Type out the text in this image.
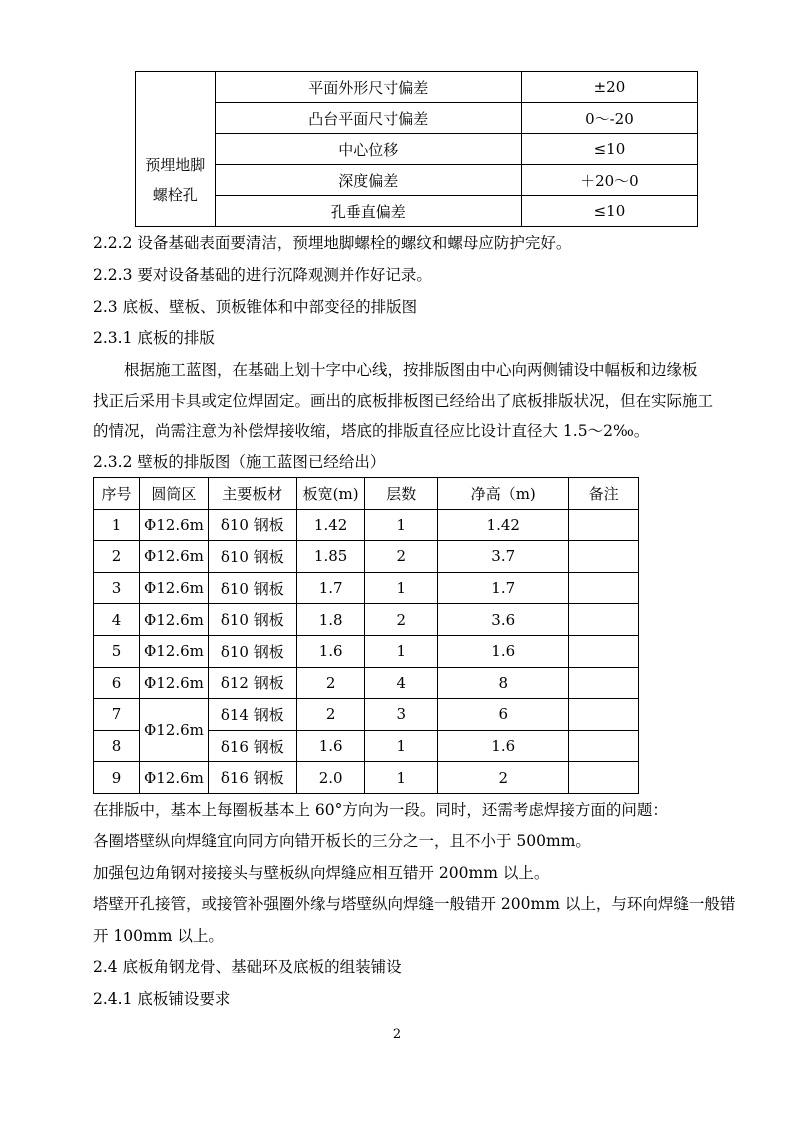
	平面外形尺寸偏差	±20
	凸台平面尺寸偏差	0～-20

预埋地脚
螺栓孔	中心位移	≤10
	深度偏差	＋20～0
	孔垂直偏差	≤10
2.2.2 设备基础表面要清洁，预埋地脚螺栓的螺纹和螺母应防护完好。
2.2.3 要对设备基础的进行沉降观测并作好记录。
2.3 底板、壁板、顶板锥体和中部变径的排版图
2.3.1 底板的排版
根据施工蓝图，在基础上划十字中心线，按排版图由中心向两侧铺设中幅板和边缘板
找正后采用卡具或定位焊固定。画出的底板排板图已经给出了底板排版状况，但在实际施工
的情况，尚需注意为补偿焊接收缩，塔底的排版直径应比设计直径大 1.5～2‰。
2.3.2 壁板的排版图（施工蓝图已经给出）
序号	圆筒区	主要板材	板宽(m)	层数	净高（m)	备注
1	Φ12.6m	δ10 钢板	1.42	1	1.42	
2	Φ12.6m	δ10 钢板	1.85	2	3.7	
3	Φ12.6m	δ10 钢板	1.7	1	1.7	
4	Φ12.6m	δ10 钢板	1.8	2	3.6	
5	Φ12.6m	δ10 钢板	1.6	1	1.6	
6	Φ12.6m	δ12 钢板	2	4	8	
7	Φ12.6m	δ14 钢板	2	3	6	
8		δ16 钢板	1.6	1	1.6	
9	Φ12.6m	δ16 钢板	2.0	1	2	
在排版中，基本上每圈板基本上 60°方向为一段。同时，还需考虑焊接方面的问题：
各圈塔壁纵向焊缝宜向同方向错开板长的三分之一，且不小于 500mm。
加强包边角钢对接接头与壁板纵向焊缝应相互错开 200mm 以上。
塔壁开孔接管，或接管补强圈外缘与塔壁纵向焊缝一般错开 200mm 以上，与环向焊缝一般错
开 100mm 以上。
2.4 底板角钢龙骨、基础环及底板的组装铺设
2.4.1 底板铺设要求
2
